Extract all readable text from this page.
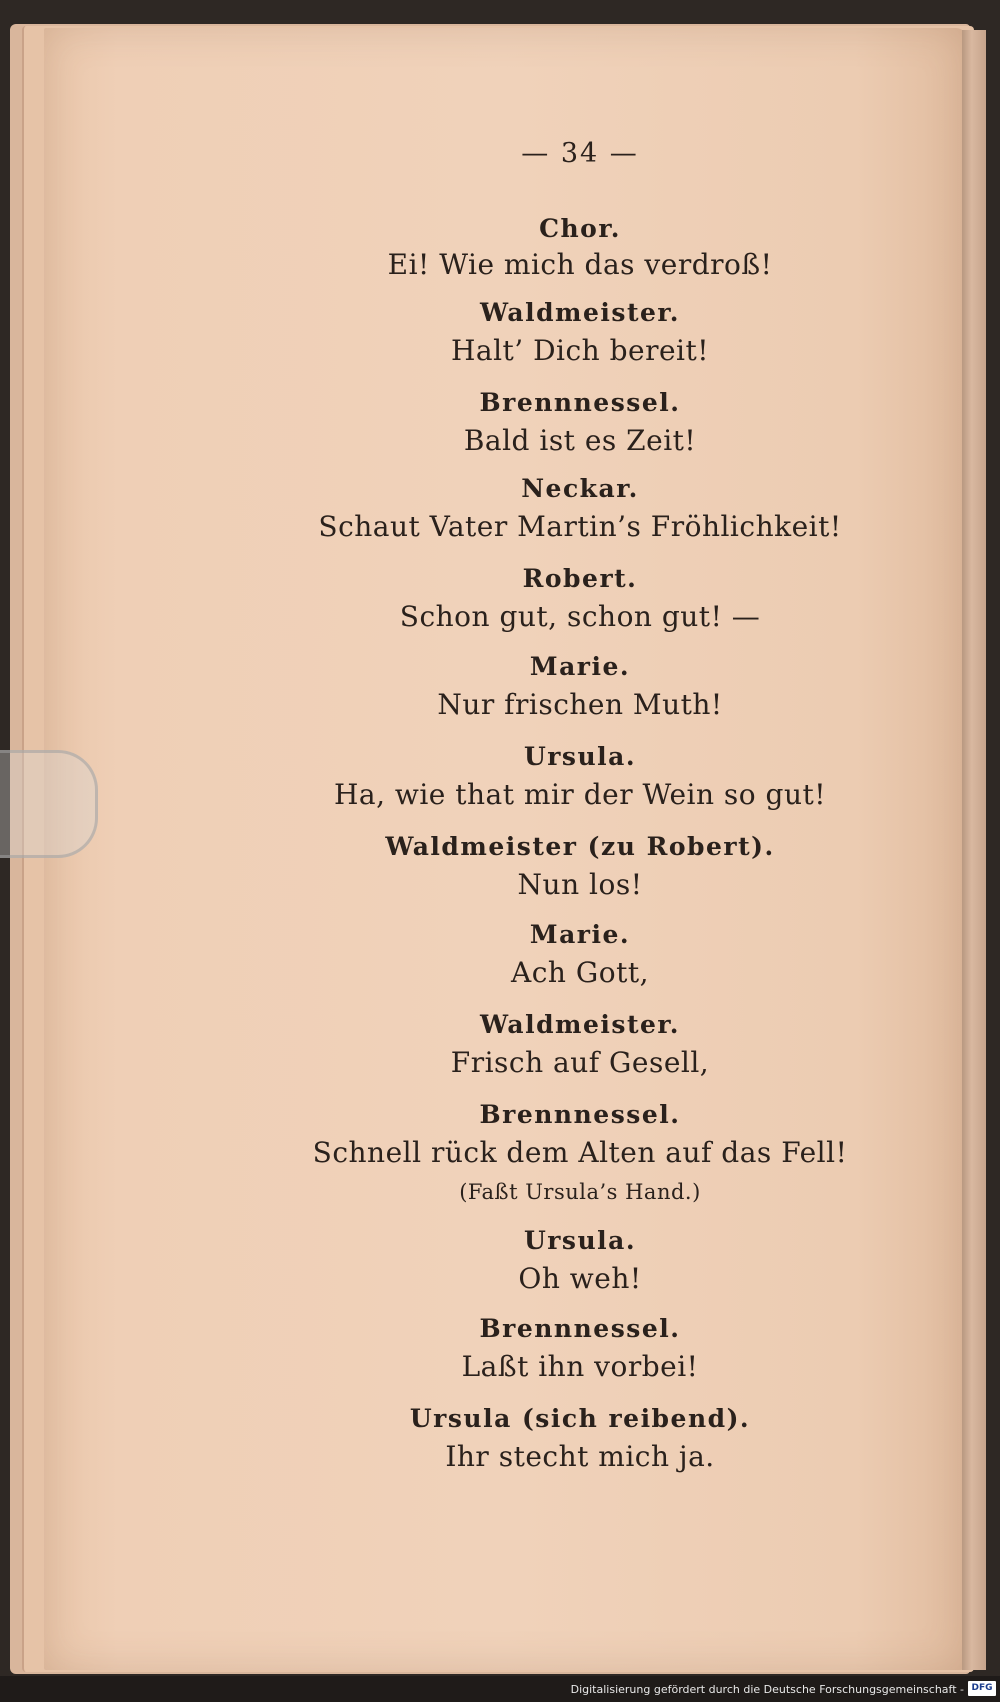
— 34 —
Chor.
Ei! Wie mich das verdroß!
Waldmeister.
Halt’ Dich bereit!
Brennnessel.
Bald ist es Zeit!
Neckar.
Schaut Vater Martin’s Fröhlichkeit!
Robert.
Schon gut, schon gut! —
Marie.
Nur frischen Muth!
Ursula.
Ha, wie that mir der Wein so gut!
Waldmeister (zu Robert).
Nun los!
Marie.
Ach Gott,
Waldmeister.
Frisch auf Gesell,
Brennnessel.
Schnell rück dem Alten auf das Fell!
(Faßt Ursula’s Hand.)
Ursula.
Oh weh!
Brennnessel.
Laßt ihn vorbei!
Ursula (sich reibend).
Ihr stecht mich ja.
Digitalisierung gefördert durch die Deutsche Forschungsgemeinschaft - DFG
